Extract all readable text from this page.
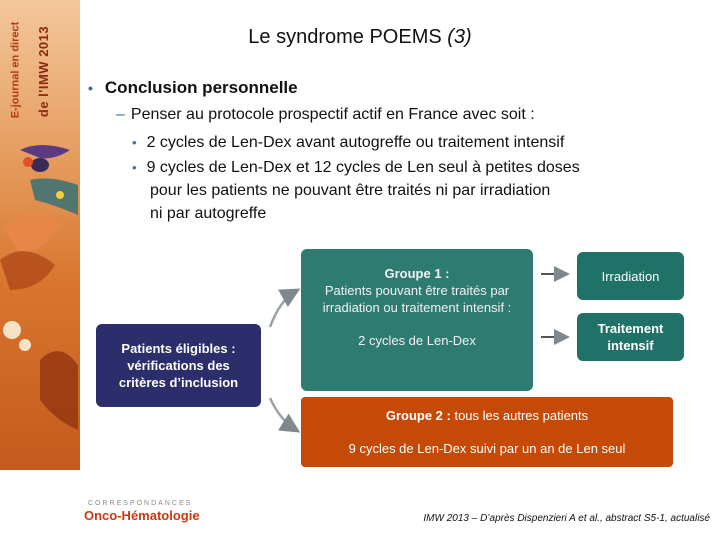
E-journal en direct de l'IMW 2013	Le syndrome POEMS (3)
• Conclusion personnelle
– Penser au protocole prospectif actif en France avec soit :
• 2 cycles de Len-Dex avant autogreffe ou traitement intensif
• 9 cycles de Len-Dex et 12 cycles de Len seul à petites doses
pour les patients ne pouvant être traités ni par irradiation
ni par autogreffe
Patients éligibles :
vérifications des
critères d’inclusion
Groupe 1 :
Patients pouvant être traités par
irradiation ou traitement intensif :
2 cycles de Len-Dex
Irradiation
Traitement
intensif
Groupe 2 : tous les autres patients
9 cycles de Len-Dex suivi par un an de Len seul
CORRESPONDANCES
Onco-Hématologie	IMW 2013 – D’après Dispenzieri A et al., abstract S5-1, actualisé
